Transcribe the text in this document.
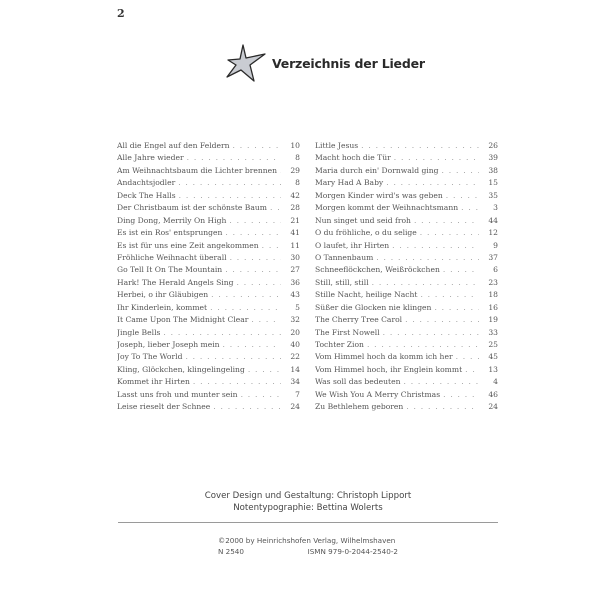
2
Verzeichnis der Lieder
All die Engel auf den Feldern . . .	10
Alle Jahre wieder . . .	8
Am Weihnachtsbaum die Lichter brennen . . .	29
Andachtsjodler . . .	8
Deck The Halls . . .	42
Der Christbaum ist der schönste Baum . . .	28
Ding Dong, Merrily On High . . .	21
Es ist ein Ros' entsprungen . . .	41
Es ist für uns eine Zeit angekommen . . .	11
Fröhliche Weihnacht überall . . .	30
Go Tell It On The Mountain . . .	27
Hark! The Herald Angels Sing . . .	36
Herbei, o ihr Gläubigen . . .	43
Ihr Kinderlein, kommet . . .	5
It Came Upon The Midnight Clear . . .	32
Jingle Bells . . .	20
Joseph, lieber Joseph mein . . .	40
Joy To The World . . .	22
Kling, Glöckchen, klingelingeling . . .	14
Kommet ihr Hirten . . .	34
Lasst uns froh und munter sein . . .	7
Leise rieselt der Schnee . . .	24
Little Jesus . . .	26
Macht hoch die Tür . . .	39
Maria durch ein' Dornwald ging . . .	38
Mary Had A Baby . . .	15
Morgen Kinder wird's was geben . . .	35
Morgen kommt der Weihnachtsmann . . .	3
Nun singet und seid froh . . .	44
O du fröhliche, o du selige . . .	12
O laufet, ihr Hirten . . .	9
O Tannenbaum . . .	37
Schneeflöckchen, Weißröckchen . . .	6
Still, still, still . . .	23
Stille Nacht, heilige Nacht . . .	18
Süßer die Glocken nie klingen . . .	16
The Cherry Tree Carol . . .	19
The First Nowell . . .	33
Tochter Zion . . .	25
Vom Himmel hoch da komm ich her . . .	45
Vom Himmel hoch, ihr Englein kommt . . .	13
Was soll das bedeuten . . .	4
We Wish You A Merry Christmas . . .	46
Zu Bethlehem geboren . . .	24
Cover Design und Gestaltung: Christoph Lipport
Notentypographie: Bettina Wolerts
©2000 by Heinrichshofen Verlag, Wilhelmshaven
N 2540	ISMN 979-0-2044-2540-2
